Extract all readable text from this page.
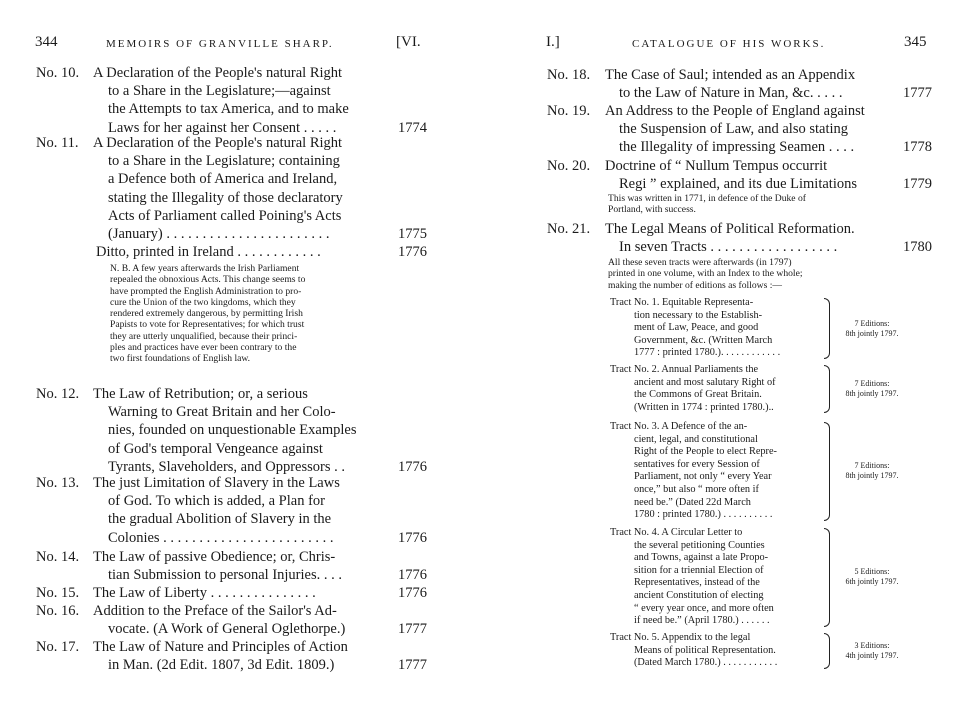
344	MEMOIRS OF GRANVILLE SHARP.	[VI.
No. 10. A Declaration of the People's natural Right
to a Share in the Legislature;—against
the Attempts to tax America, and to make
Laws for her against her Consent . . . . .	1774
No. 11. A Declaration of the People's natural Right
to a Share in the Legislature; containing
a Defence both of America and Ireland,
stating the Illegality of those declaratory
Acts of Parliament called Poining's Acts
(January) . . . . . . . . . . . . . . . . . . . . . . .	1775
Ditto, printed in Ireland . . . . . . . . . . . .	1776
No. 12. The Law of Retribution; or, a serious
Warning to Great Britain and her Colo-
nies, founded on unquestionable Examples
of God's temporal Vengeance against
Tyrants, Slaveholders, and Oppressors . .	1776
No. 13. The just Limitation of Slavery in the Laws
of God. To which is added, a Plan for
the gradual Abolition of Slavery in the
Colonies . . . . . . . . . . . . . . . . . . . . . . . .	1776
No. 14. The Law of passive Obedience; or, Chris-
tian Submission to personal Injuries. . . .	1776
No. 15. The Law of Liberty . . . . . . . . . . . . . . .	1776
No. 16. Addition to the Preface of the Sailor's Ad-
vocate. (A Work of General Oglethorpe.)	1777
No. 17. The Law of Nature and Principles of Action
in Man. (2d Edit. 1807, 3d Edit. 1809.)	1777
N. B. A few years afterwards the Irish Parliament
repealed the obnoxious Acts. This change seems to
have prompted the English Administration to pro-
cure the Union of the two kingdoms, which they
rendered extremely dangerous, by permitting Irish
Papists to vote for Representatives; for which trust
they are utterly unqualified, because their princi-
ples and practices have ever been contrary to the
two first foundations of English law.
I.]	CATALOGUE OF HIS WORKS.	345
No. 18. The Case of Saul; intended as an Appendix
to the Law of Nature in Man, &c. . . . .	1777
No. 19. An Address to the People of England against
the Suspension of Law, and also stating
the Illegality of impressing Seamen . . . .	1778
No. 20. Doctrine of “ Nullum Tempus occurrit
Regi ” explained, and its due Limitations	1779
No. 21. The Legal Means of Political Reformation.
In seven Tracts . . . . . . . . . . . . . . . . . .	1780
This was written in 1771, in defence of the Duke of
Portland, with success.
All these seven tracts were afterwards (in 1797)
printed in one volume, with an Index to the whole;
making the number of editions as follows :—
Tract No. 1. Equitable Representa-
tion necessary to the Establish-
ment of Law, Peace, and good
Government, &c. (Written March
1777 : printed 1780.). . . . . . . . . . . .
7 Editions:
8th jointly 1797.
Tract No. 2. Annual Parliaments the
ancient and most salutary Right of
the Commons of Great Britain.
(Written in 1774 : printed 1780.)..
7 Editions:
8th jointly 1797.
Tract No. 3. A Defence of the an-
cient, legal, and constitutional
Right of the People to elect Repre-
sentatives for every Session of
Parliament, not only “ every Year
once,” but also “ more often if
need be.” (Dated 22d March
1780 : printed 1780.) . . . . . . . . . .
7 Editions:
8th jointly 1797.
Tract No. 4. A Circular Letter to
the several petitioning Counties
and Towns, against a late Propo-
sition for a triennial Election of
Representatives, instead of the
ancient Constitution of electing
“ every year once, and more often
if need be.” (April 1780.) . . . . . .
5 Editions:
6th jointly 1797.
Tract No. 5. Appendix to the legal
Means of political Representation.
(Dated March 1780.) . . . . . . . . . . .
3 Editions:
4th jointly 1797.
